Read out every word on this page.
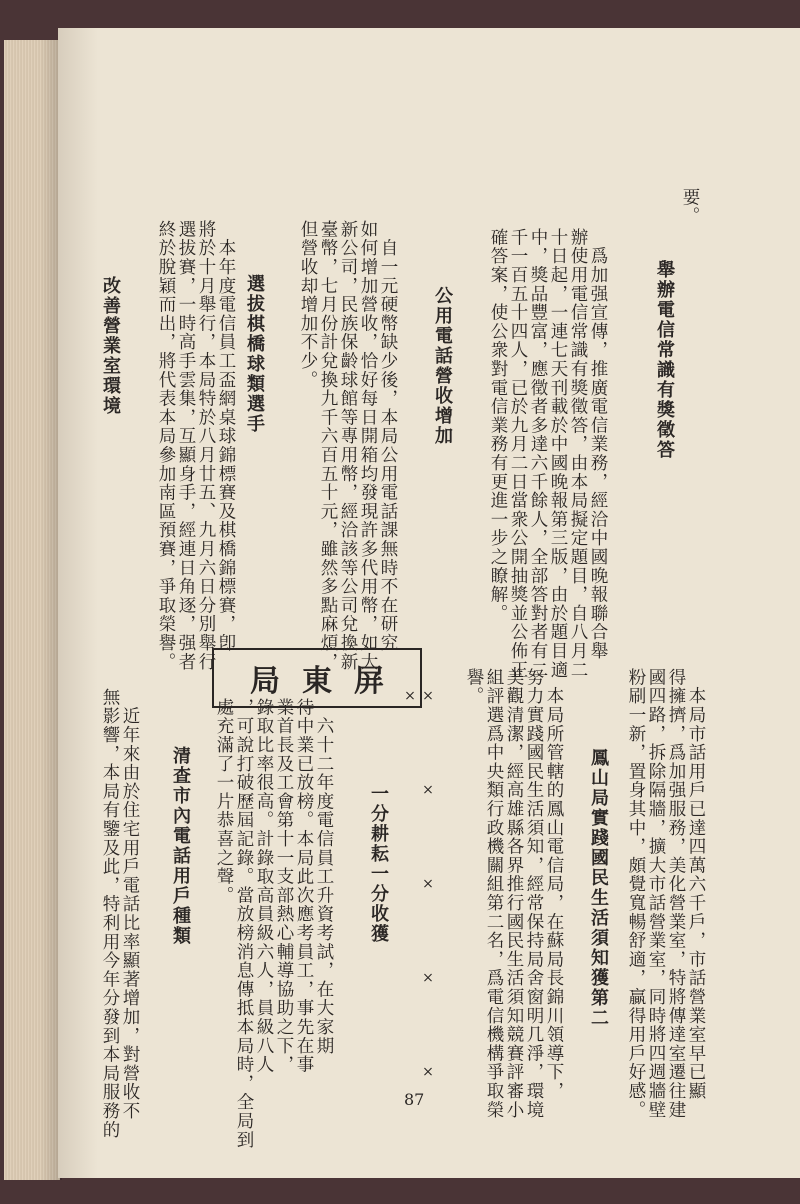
要。
舉辦電信常識有獎徵答
　爲加强宣傳，推廣電信業務，經洽中國晚報聯合舉
辦使用電信常識有獎徵答，由本局擬定題目，自八月二
十日起，一連七天刊載於中國晚報第三版，由於題目適
中，獎品豐富，應徵者多達六千餘人，全部答對者有二
千一百五十四人，已於九月二日當衆公開抽獎並公佈正
確答案，使公衆對電信業務有更進一步之瞭解。
公用電話營收增加
　自一元硬幣缺少後，本局公用電話課無時不在研究
如何增加營收，恰好每日開箱均發現許多代用幣，如大
新公司，民族保齡球館等專用幣，經洽該等公司兌換新
臺幣，七月份計兌換九千六百五十元，雖然多點麻煩，
但營收却增加不少。
選拔棋橋球類選手
　本年度電信員工盃網桌球錦標賽及棋橋錦標賽，卽
將於十月舉行，本局特於八月廿五、九月六日分別舉行
選拔賽，一時高手雲集，互顯身手，經連日角逐，强者
終於脫穎而出，將代表本局參加南區預賽，爭取榮譽。
改善營業室環境
　本局市話用戶已達四萬六千戶，市話營業室早已顯
得擁擠，爲加强服務，美化營業室，特將傳達室遷往建
國四路，拆除隔牆，擴大市話營業室，同時將四週牆壁
粉刷一新，置身其中，頗覺寬暢舒適，贏得用戶好感。
鳳山局實踐國民生活須知獲第二
　本局所管轄的鳳山電信局，在蘇局長錦川領導下，
努力實踐國民生活須知，經常保持局舍窗明几淨，環境
美觀清潔，經高雄縣各界推行國民生活須知競賽評審小
組評選爲中央類行政機關組第二名，爲電信機構爭取榮
譽。
×　×　×　×　×　×
一分耕耘一分收獲
　六十二年度電信員工升資考試，在大家期
待中業已放榜。本局此次應考員工，事先在事
業首長及工會第十一支部熱心輔導協助之下，
錄取比率很高。計錄取高員級六人，員級八人
，可說打破歷屆記錄。當放榜消息傳抵本局時，全局到
處充滿了一片恭喜之聲。
清查市內電話用戶種類
　近年來由於住宅用戶電話比率顯著增加，對營收不
無影響，本局有鑒及此，特利用今年分發到本局服務的
屏東局
87
